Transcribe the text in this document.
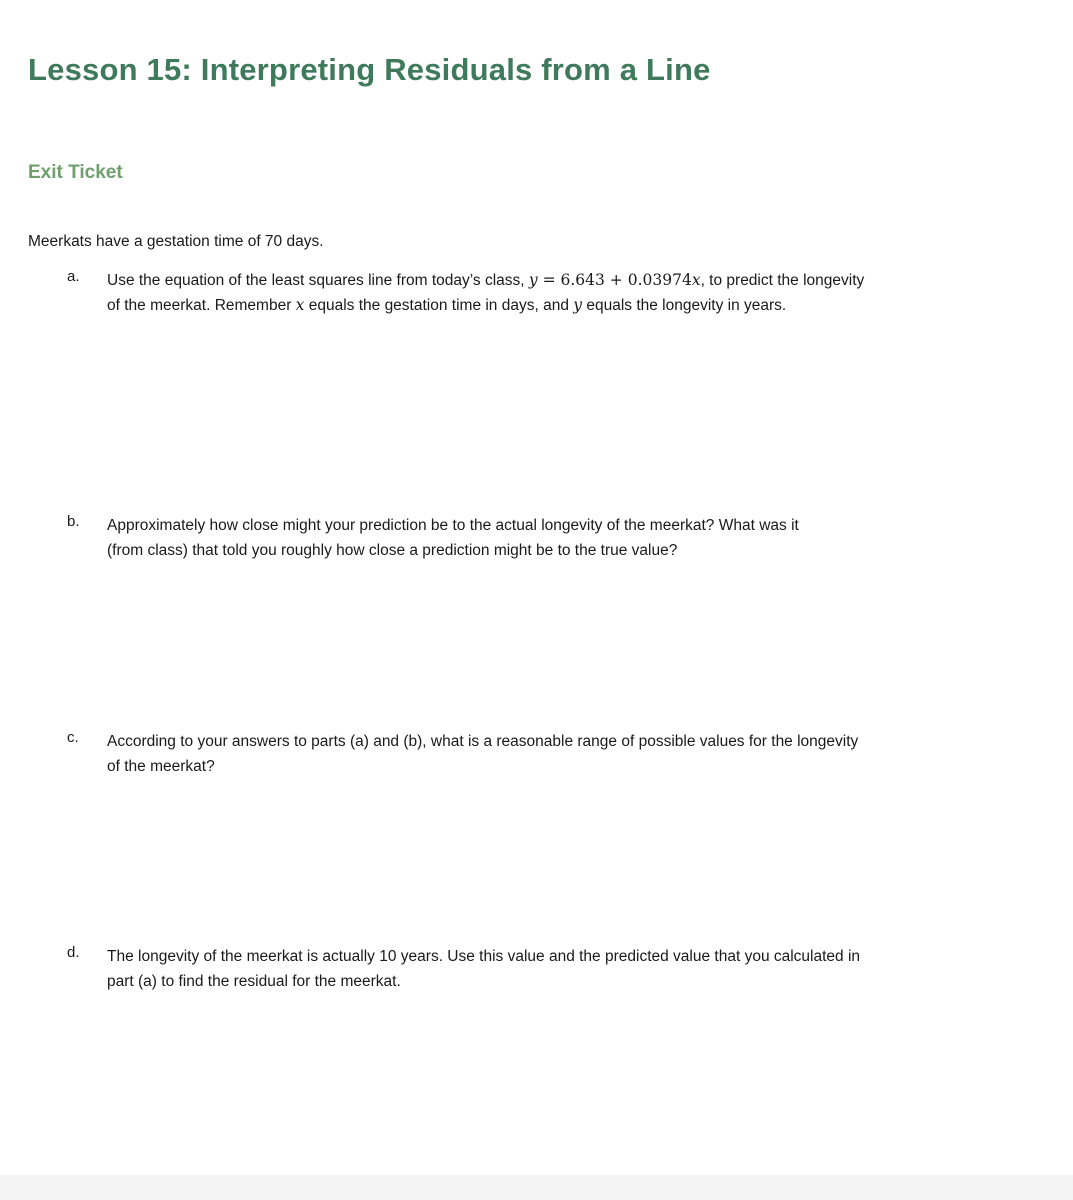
Lesson 15: Interpreting Residuals from a Line
Exit Ticket

Meerkats have a gestation time of 70 days.

a. Use the equation of the least squares line from today’s class, y = 6.643 + 0.03974x, to predict the longevity
of the meerkat. Remember x equals the gestation time in days, and y equals the longevity in years.

b. Approximately how close might your prediction be to the actual longevity of the meerkat? What was it
(from class) that told you roughly how close a prediction might be to the true value?

c. According to your answers to parts (a) and (b), what is a reasonable range of possible values for the longevity
of the meerkat?

d. The longevity of the meerkat is actually 10 years. Use this value and the predicted value that you calculated in
part (a) to find the residual for the meerkat.
